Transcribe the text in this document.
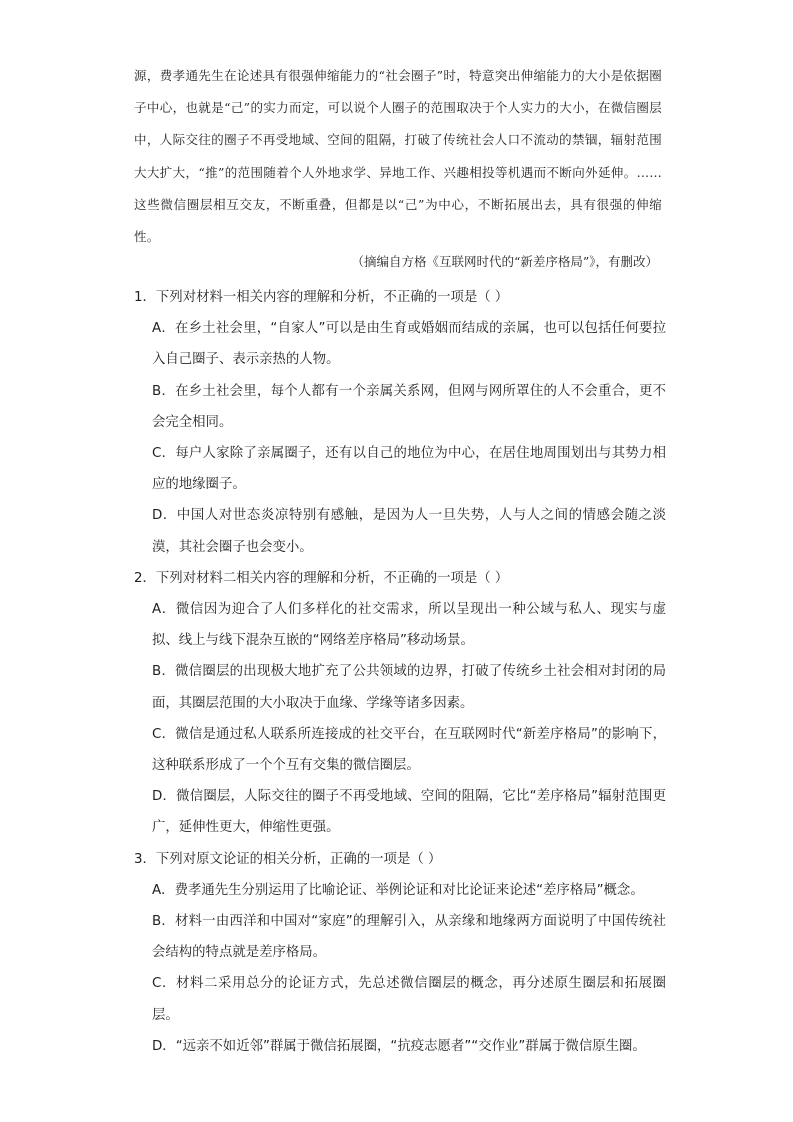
源，费孝通先生在论述具有很强伸缩能力的“社会圈子”时，特意突出伸缩能力的大小是依据圈子中心，也就是“己”的实力而定，可以说个人圈子的范围取决于个人实力的大小，在微信圈层中，人际交往的圈子不再受地域、空间的阻隔，打破了传统社会人口不流动的禁锢，辐射范围大大扩大，“推”的范围随着个人外地求学、异地工作、兴趣相投等机遇而不断向外延伸。……这些微信圈层相互交友，不断重叠，但都是以“己”为中心，不断拓展出去，具有很强的伸缩性。

（摘编自方格《互联网时代的“新差序格局”》，有删改）
1．下列对材料一相关内容的理解和分析，不正确的一项是（ ）
A．在乡土社会里，“自家人”可以是由生育或婚姻而结成的亲属，也可以包括任何要拉入自己圈子、表示亲热的人物。
B．在乡土社会里，每个人都有一个亲属关系网，但网与网所罩住的人不会重合，更不会完全相同。
C．每户人家除了亲属圈子，还有以自己的地位为中心，在居住地周围划出与其势力相应的地缘圈子。
D．中国人对世态炎凉特别有感触，是因为人一旦失势，人与人之间的情感会随之淡漠，其社会圈子也会变小。
2．下列对材料二相关内容的理解和分析，不正确的一项是（ ）
A．微信因为迎合了人们多样化的社交需求，所以呈现出一种公域与私人、现实与虚拟、线上与线下混杂互嵌的“网络差序格局”移动场景。
B．微信圈层的出现极大地扩充了公共领域的边界，打破了传统乡土社会相对封闭的局面，其圈层范围的大小取决于血缘、学缘等诸多因素。
C．微信是通过私人联系所连接成的社交平台，在互联网时代“新差序格局”的影响下，这种联系形成了一个个互有交集的微信圈层。
D．微信圈层，人际交往的圈子不再受地域、空间的阻隔，它比“差序格局”辐射范围更广，延伸性更大，伸缩性更强。
3．下列对原文论证的相关分析，正确的一项是（ ）
A．费孝通先生分别运用了比喻论证、举例论证和对比论证来论述“差序格局”概念。
B．材料一由西洋和中国对“家庭”的理解引入，从亲缘和地缘两方面说明了中国传统社会结构的特点就是差序格局。
C．材料二采用总分的论证方式，先总述微信圈层的概念，再分述原生圈层和拓展圈层。
D．“远亲不如近邻”群属于微信拓展圈，“抗疫志愿者”“交作业”群属于微信原生圈。
